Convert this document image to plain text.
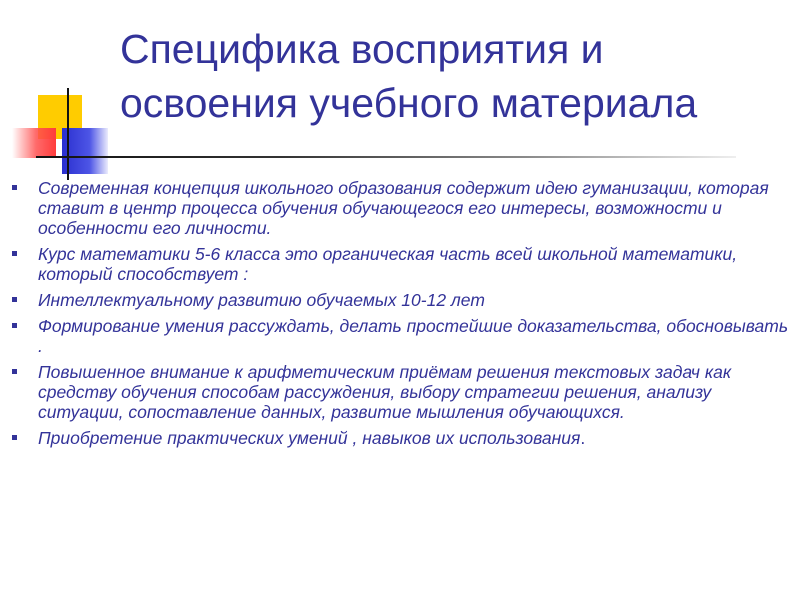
Специфика восприятия и
освоения учебного материала
Современная концепция школьного образования содержит идею гуманизации, которая ставит в центр процесса обучения обучающегося его интересы, возможности и особенности его личности.
Курс математики 5-6 класса это органическая часть всей школьной математики, который способствует :
Интеллектуальному развитию обучаемых 10-12 лет
Формирование умения рассуждать, делать простейшие доказательства, обосновывать .
Повышенное внимание к арифметическим приёмам решения текстовых задач как средству обучения способам рассуждения, выбору стратегии решения, анализу ситуации, сопоставление данных, развитие мышления обучающихся.
Приобретение практических умений , навыков их использования.
